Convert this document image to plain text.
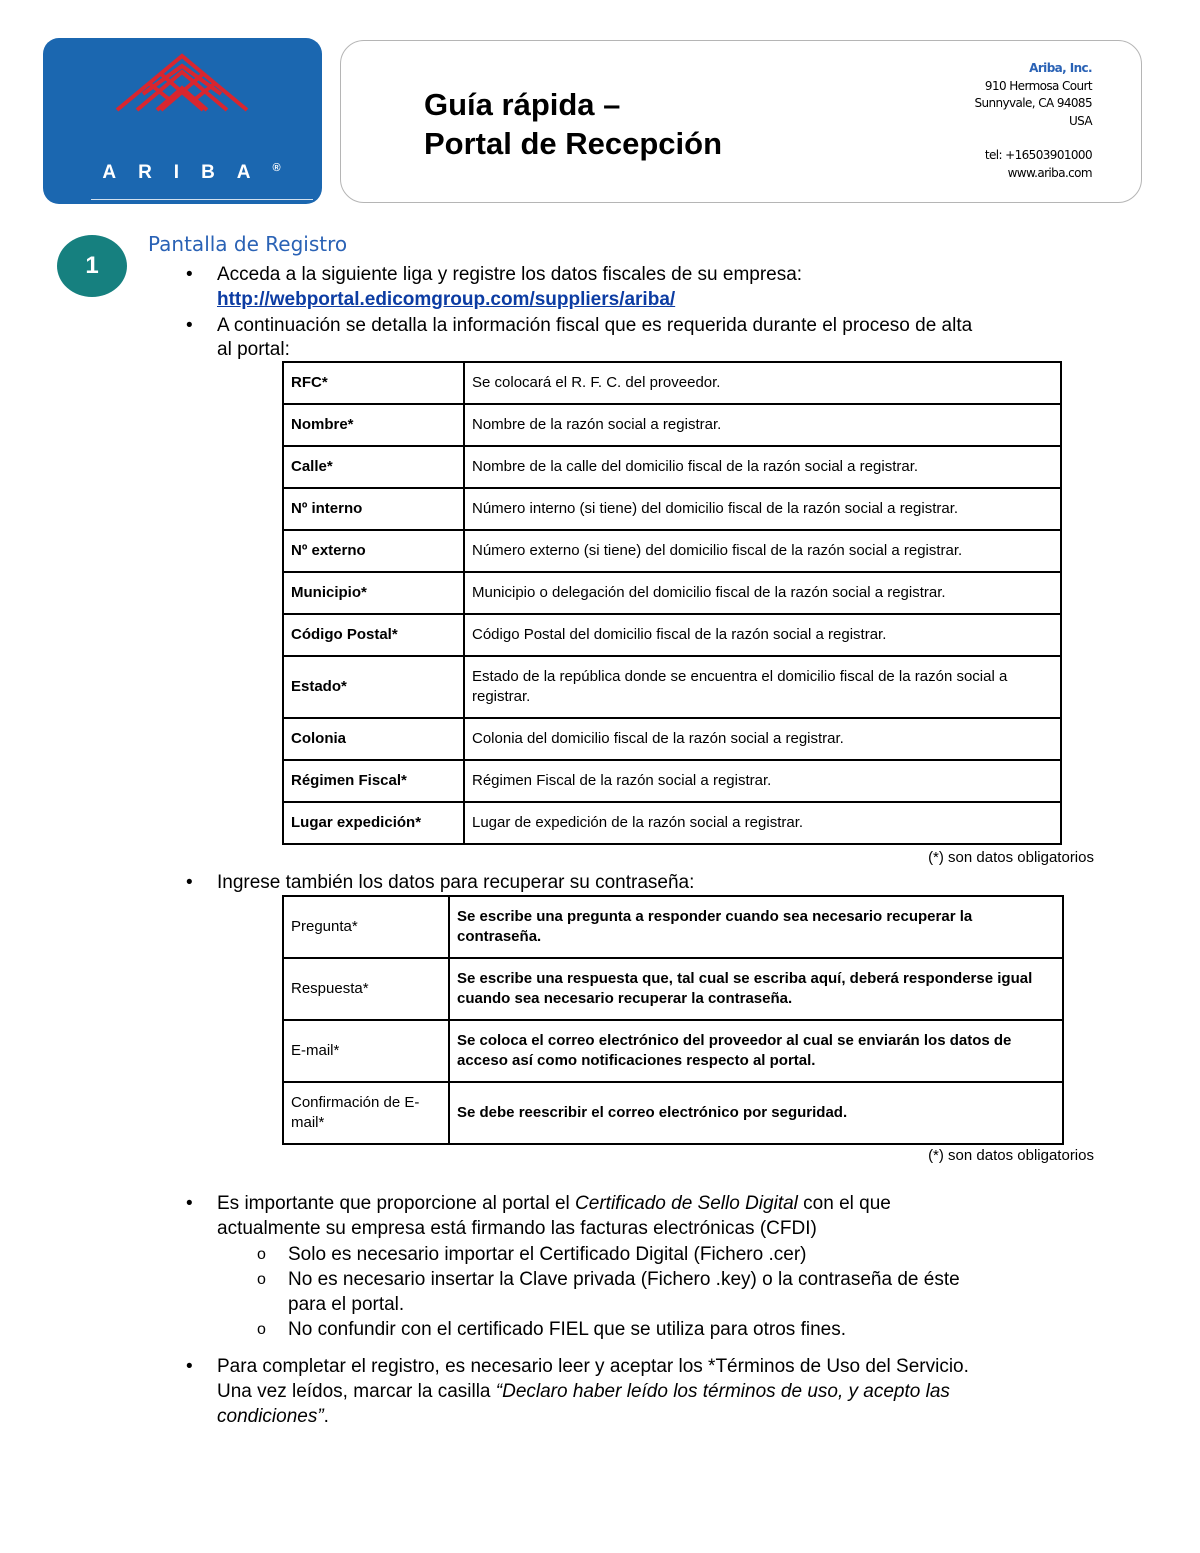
ARIBA®
An SAP Company
Guía rápida –
Portal de Recepción
Ariba, Inc.
910 Hermosa Court
Sunnyvale, CA 94085
USA
tel: +16503901000
www.ariba.com
1
Pantalla de Registro
• Acceda a la siguiente liga y registre los datos fiscales de su empresa:
http://webportal.edicomgroup.com/suppliers/ariba/
• A continuación se detalla la información fiscal que es requerida durante el proceso de alta
al portal:
RFC*	Se colocará el R. F. C. del proveedor.
Nombre*	Nombre de la razón social a registrar.
Calle*	Nombre de la calle del domicilio fiscal de la razón social a registrar.
Nº interno	Número interno (si tiene) del domicilio fiscal de la razón social a registrar.
Nº externo	Número externo (si tiene) del domicilio fiscal de la razón social a registrar.
Municipio*	Municipio o delegación del domicilio fiscal de la razón social a registrar.
Código Postal*	Código Postal del domicilio fiscal de la razón social a registrar.
Estado*	Estado de la república donde se encuentra el domicilio fiscal de la razón social a registrar.
Colonia	Colonia del domicilio fiscal de la razón social a registrar.
Régimen Fiscal*	Régimen Fiscal de la razón social a registrar.
Lugar expedición*	Lugar de expedición de la razón social a registrar.
(*) son datos obligatorios
• Ingrese también los datos para recuperar su contraseña:
Pregunta*	Se escribe una pregunta a responder cuando sea necesario recuperar la contraseña.
Respuesta*	Se escribe una respuesta que, tal cual se escriba aquí, deberá responderse igual cuando sea necesario recuperar la contraseña.
E-mail*	Se coloca el correo electrónico del proveedor al cual se enviarán los datos de acceso así como notificaciones respecto al portal.
Confirmación de E-mail*	Se debe reescribir el correo electrónico por seguridad.
(*) son datos obligatorios
• Es importante que proporcione al portal el Certificado de Sello Digital con el que
actualmente su empresa está firmando las facturas electrónicas (CFDI)
o Solo es necesario importar el Certificado Digital (Fichero .cer)
o No es necesario insertar la Clave privada (Fichero .key) o la contraseña de éste
para el portal.
o No confundir con el certificado FIEL que se utiliza para otros fines.
• Para completar el registro, es necesario leer y aceptar los *Términos de Uso del Servicio.
Una vez leídos, marcar la casilla “Declaro haber leído los términos de uso, y acepto las
condiciones”.
